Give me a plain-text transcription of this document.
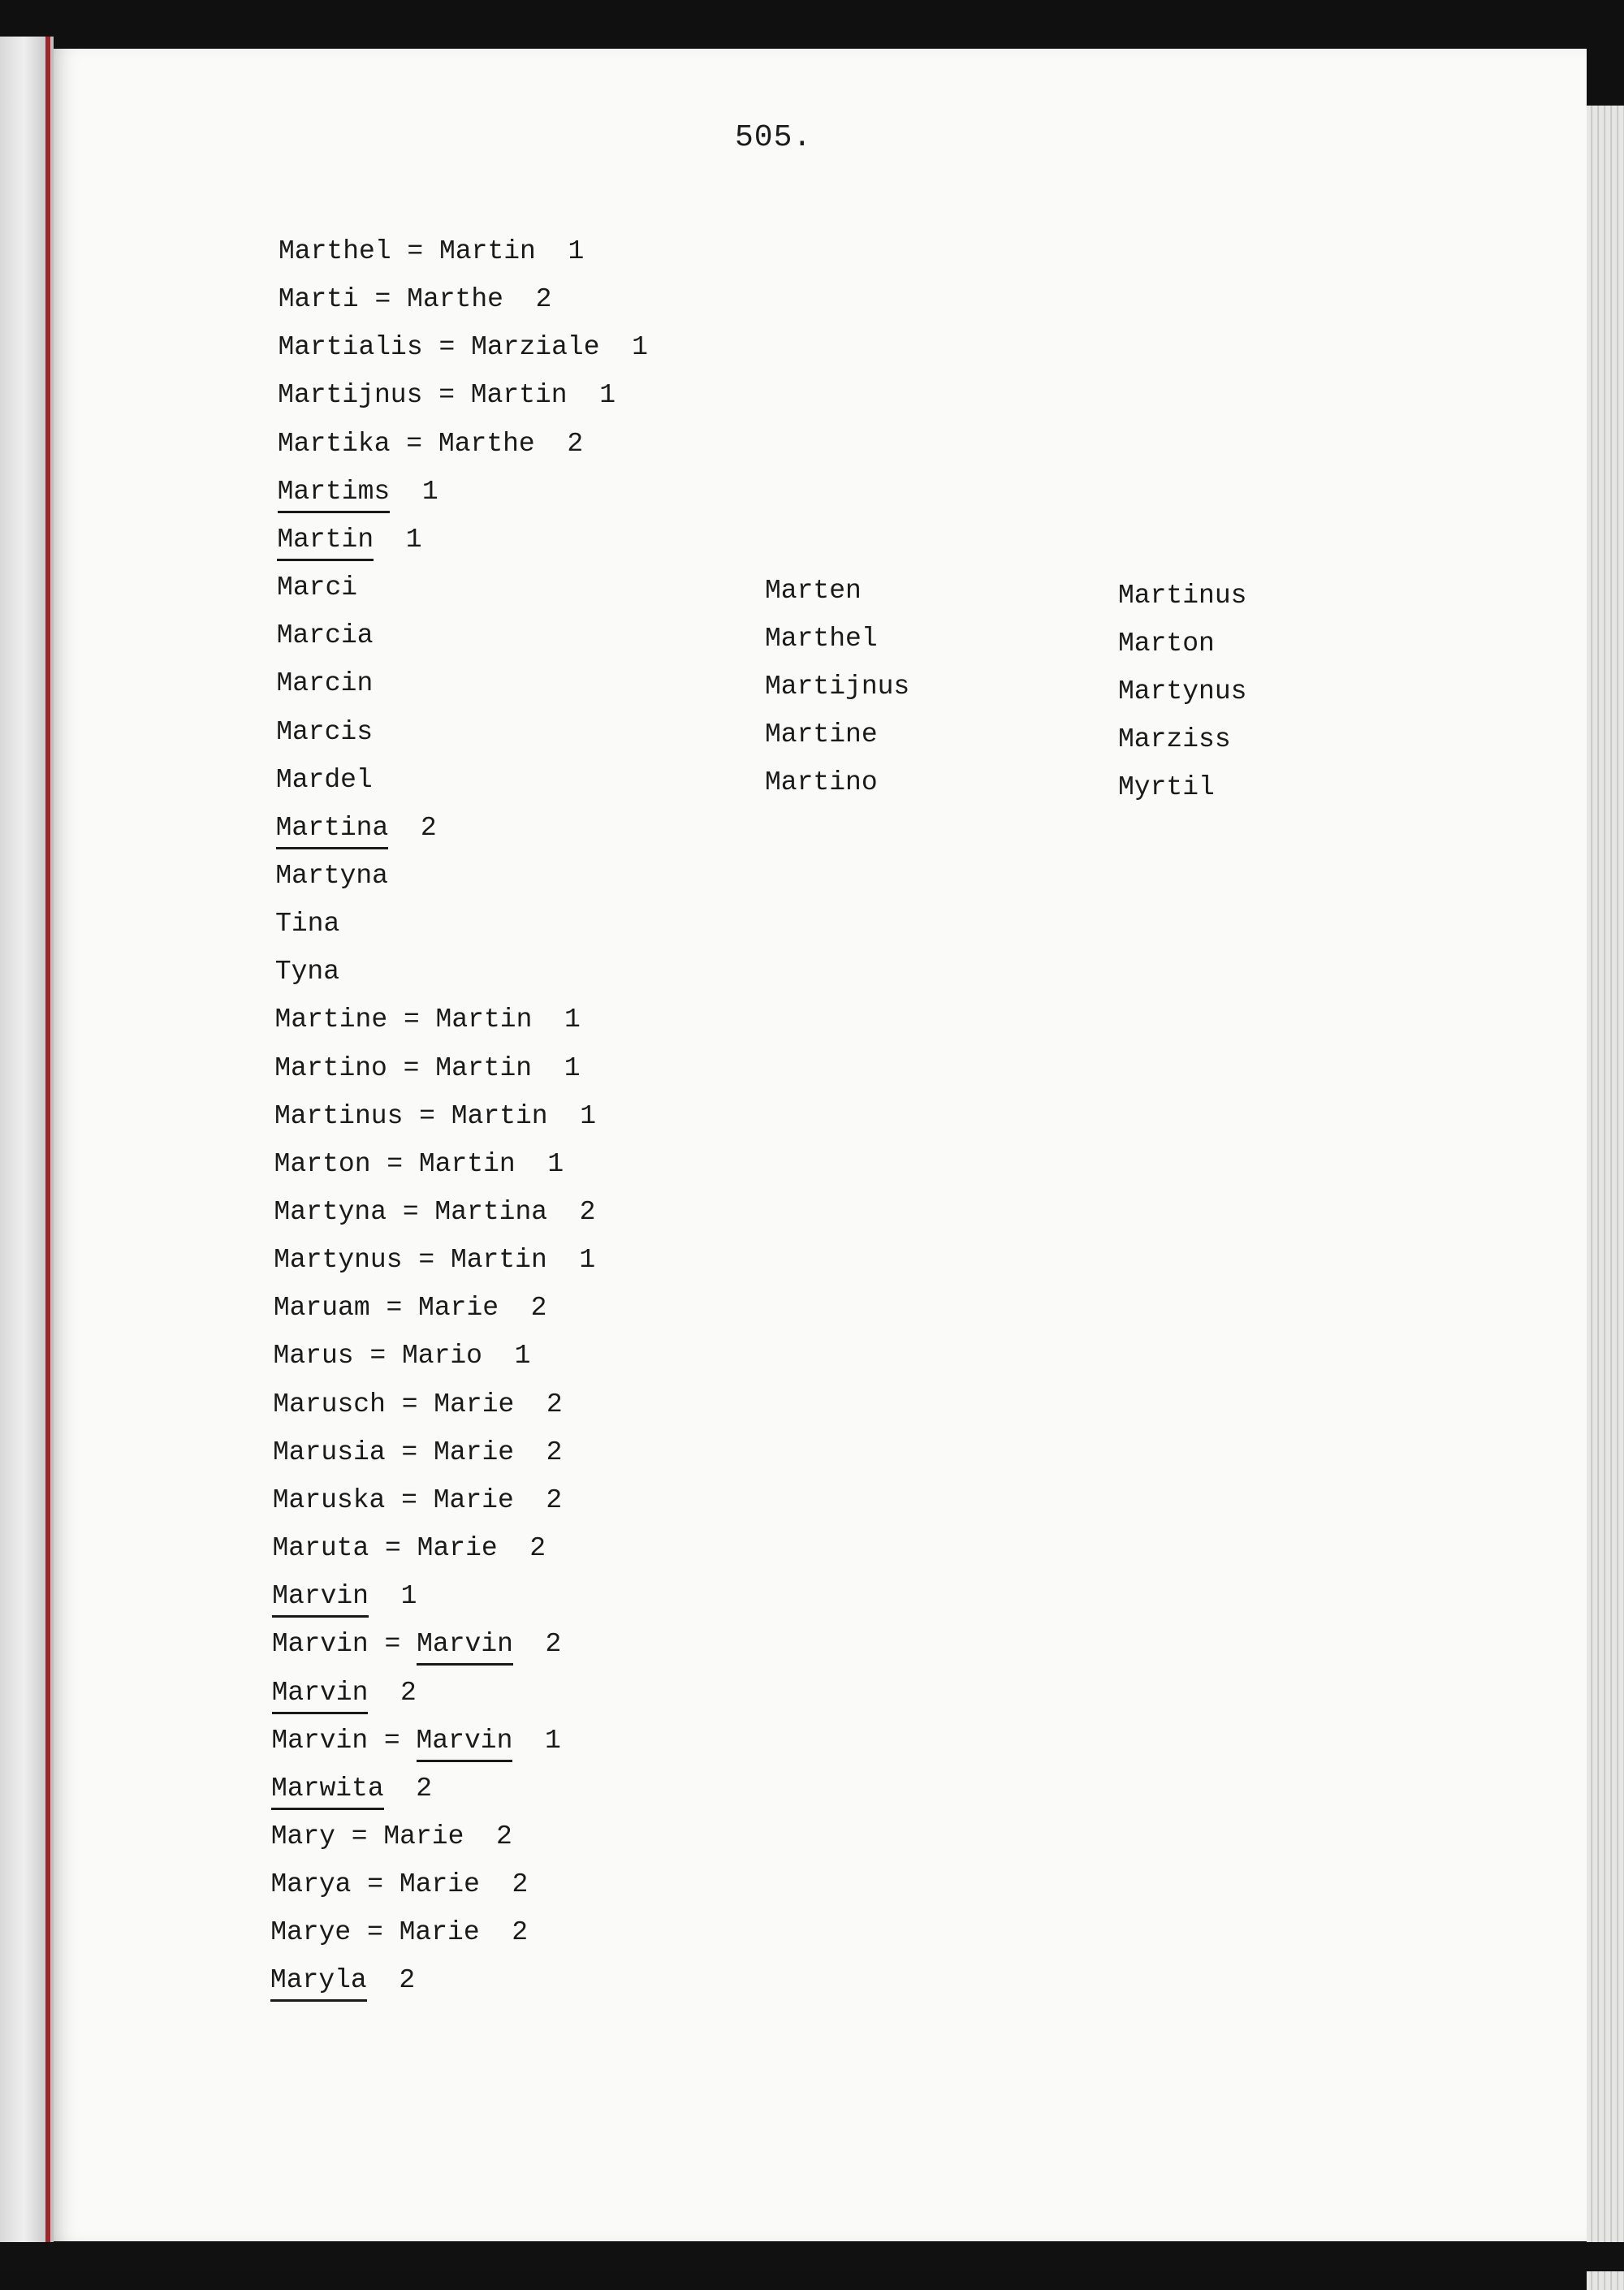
505.
Marthel = Martin  1
Marti = Marthe  2
Martialis = Marziale  1
Martijnus = Martin  1
Martika = Marthe  2
Martims  1
Martin  1
Marci
Marcia
Marcin
Marcis
Mardel
Martina  2
Martyna
Tina
Tyna
Martine = Martin  1
Martino = Martin  1
Martinus = Martin  1
Marton = Martin  1
Martyna = Martina  2
Martynus = Martin  1
Maruam = Marie  2
Marus = Mario  1
Marusch = Marie  2
Marusia = Marie  2
Maruska = Marie  2
Maruta = Marie  2
Marvin  1
Marvin = Marvin  2
Marvin  2
Marvin = Marvin  1
Marwita  2
Mary = Marie  2
Marya = Marie  2
Marye = Marie  2
Maryla  2
Marten
Marthel
Martijnus
Martine
Martino
Martinus
Marton
Martynus
Marziss
Myrtil
